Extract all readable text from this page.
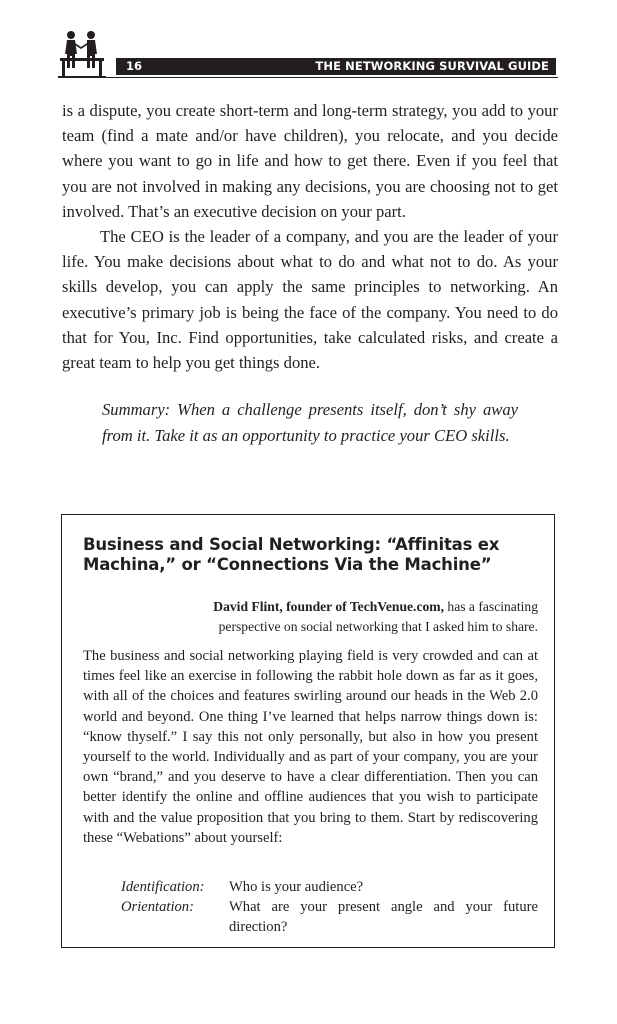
16	THE NETWORKING SURVIVAL GUIDE

is a dispute, you create short-term and long-term strategy, you add to your team (find a mate and/or have children), you relocate, and you decide where you want to go in life and how to get there. Even if you feel that you are not involved in making any decisions, you are choosing not to get involved. That’s an executive decision on your part.

The CEO is the leader of a company, and you are the leader of your life. You make decisions about what to do and what not to do. As your skills develop, you can apply the same principles to networking. An executive’s primary job is being the face of the company. You need to do that for You, Inc. Find opportunities, take calculated risks, and create a great team to help you get things done.

Summary: When a challenge presents itself, don’t shy away from it. Take it as an opportunity to practice your CEO skills.
Business and Social Networking: “Affinitas ex Machina,” or “Connections Via the Machine”
David Flint, founder of TechVenue.com, has a fascinating perspective on social networking that I asked him to share.
The business and social networking playing field is very crowded and can at times feel like an exercise in following the rabbit hole down as far as it goes, with all of the choices and features swirling around our heads in the Web 2.0 world and beyond. One thing I’ve learned that helps narrow things down is: “know thyself.” I say this not only personally, but also in how you present yourself to the world. Individually and as part of your company, you are your own “brand,” and you deserve to have a clear differentiation. Then you can better identify the online and offline audiences that you wish to participate with and the value proposition that you bring to them. Start by rediscovering these “Webations” about yourself:
Identification:	Who is your audience?
Orientation:	What are your present angle and your future direction?
